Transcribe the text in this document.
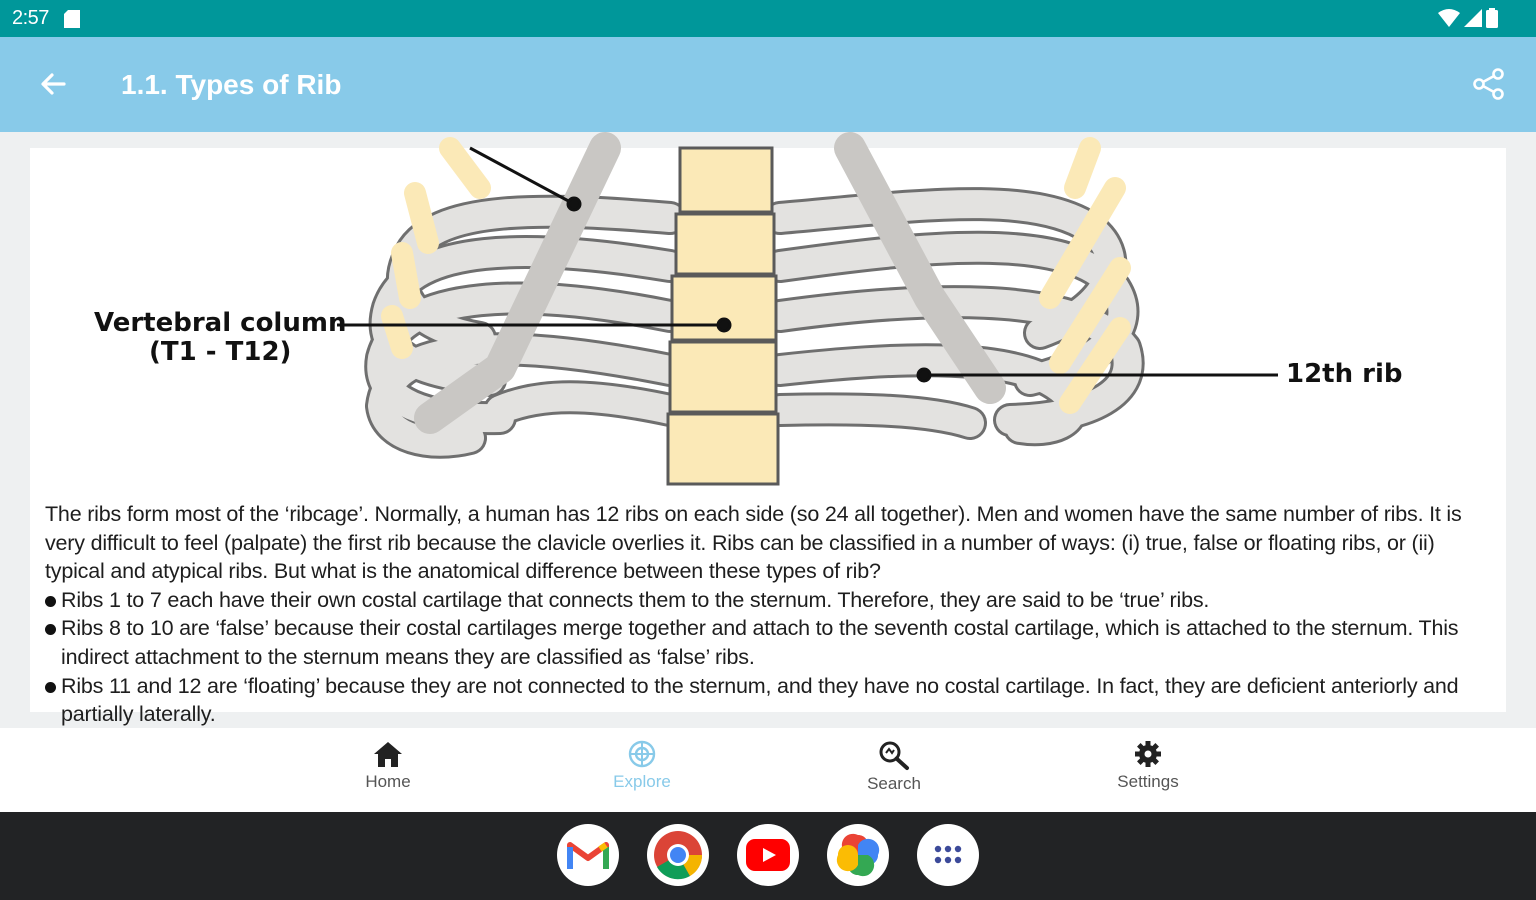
2:57
1.1. Types of Rib
Vertebral column
(T1 - T12)
12th rib

The ribs form most of the ‘ribcage’. Normally, a human has 12 ribs on each side (so 24 all together). Men and women have the same number of ribs. It is very difficult to feel (palpate) the first rib because the clavicle overlies it. Ribs can be classified in a number of ways: (i) true, false or floating ribs, or (ii) typical and atypical ribs. But what is the anatomical difference between these types of rib?

Ribs 1 to 7 each have their own costal cartilage that connects them to the sternum. Therefore, they are said to be ‘true’ ribs.

Ribs 8 to 10 are ‘false’ because their costal cartilages merge together and attach to the seventh costal cartilage, which is attached to the sternum. This indirect attachment to the sternum means they are classified as ‘false’ ribs.

Ribs 11 and 12 are ‘floating’ because they are not connected to the sternum, and they have no costal cartilage. In fact, they are deficient anteriorly and partially laterally.

Home	Explore	Search	Settings
